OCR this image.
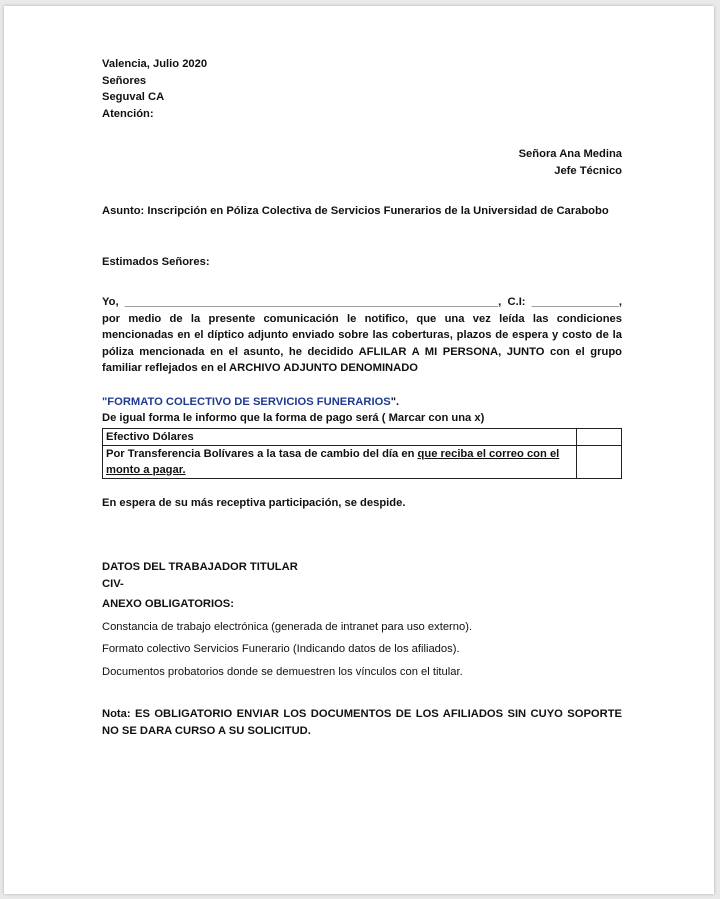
Valencia, Julio 2020
Señores
Seguval CA
Atención:
Señora Ana Medina
Jefe Técnico
Asunto: Inscripción en Póliza Colectiva de Servicios Funerarios de la Universidad de Carabobo
Estimados Señores:
Yo, ____________________________________________________________, C.I: ______________, por medio de la presente comunicación le notifico, que una vez leída las condiciones mencionadas en el díptico adjunto enviado sobre las coberturas, plazos de espera y costo de la póliza mencionada en el asunto, he decidido AFLILAR A MI PERSONA, JUNTO con el grupo familiar reflejados en el ARCHIVO ADJUNTO DENOMINADO
"FORMATO COLECTIVO DE SERVICIOS FUNERARIOS".
De igual forma le informo que la forma de pago será ( Marcar con una x)
Efectivo Dólares	
Por Transferencia Bolívares a la tasa de cambio del día en que reciba el correo con el monto a pagar.	
En espera de su más receptiva participación, se despide.
DATOS DEL TRABAJADOR TITULAR
CIV-
ANEXO OBLIGATORIOS:
Constancia de trabajo electrónica (generada de intranet para uso externo).
Formato colectivo Servicios Funerario (Indicando datos de los afiliados).
Documentos probatorios donde se demuestren los vínculos con el titular.
Nota: ES OBLIGATORIO ENVIAR LOS DOCUMENTOS DE LOS AFILIADOS SIN CUYO SOPORTE NO SE DARA CURSO A SU SOLICITUD.
